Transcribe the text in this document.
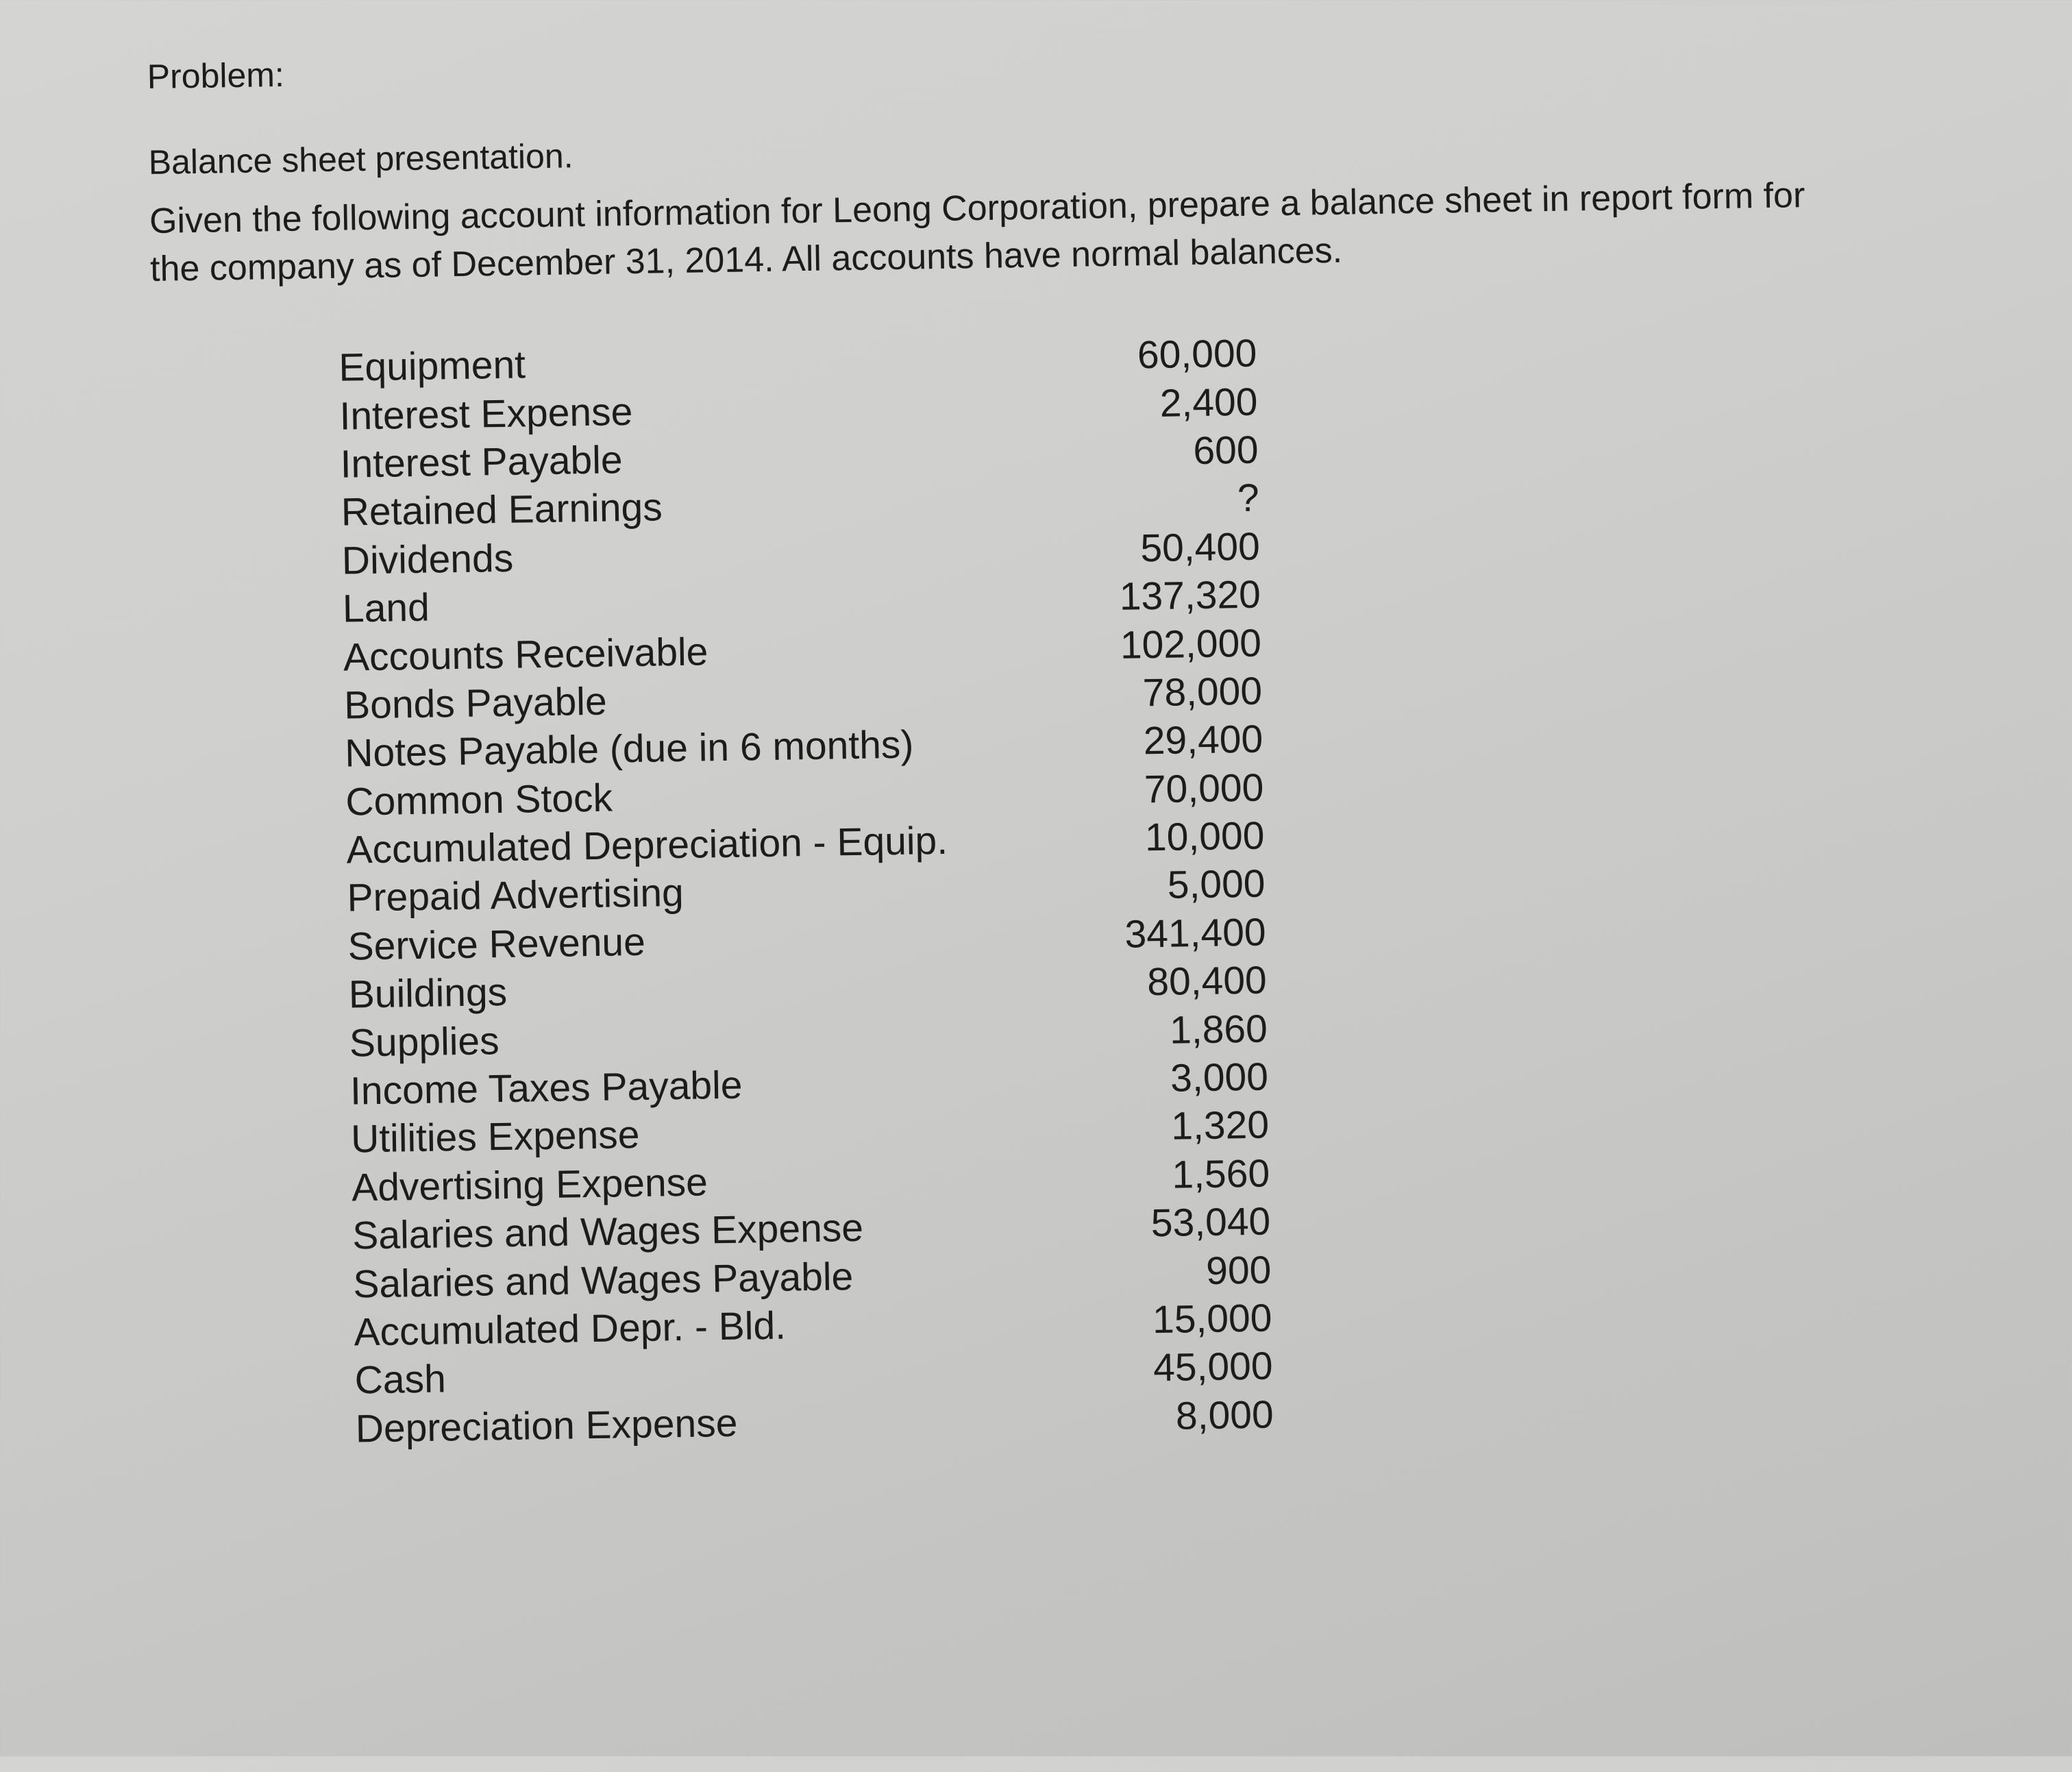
Problem:
Balance sheet presentation.
Given the following account information for Leong Corporation, prepare a balance sheet in report form for the company as of December 31, 2014. All accounts have normal balances.
Equipment	60,000
Interest Expense	2,400
Interest Payable	600
Retained Earnings	?
Dividends	50,400
Land	137,320
Accounts Receivable	102,000
Bonds Payable	78,000
Notes Payable (due in 6 months)	29,400
Common Stock	70,000
Accumulated Depreciation - Equip.	10,000
Prepaid Advertising	5,000
Service Revenue	341,400
Buildings	80,400
Supplies	1,860
Income Taxes Payable	3,000
Utilities Expense	1,320
Advertising Expense	1,560
Salaries and Wages Expense	53,040
Salaries and Wages Payable	900
Accumulated Depr. - Bld.	15,000
Cash	45,000
Depreciation Expense	8,000
